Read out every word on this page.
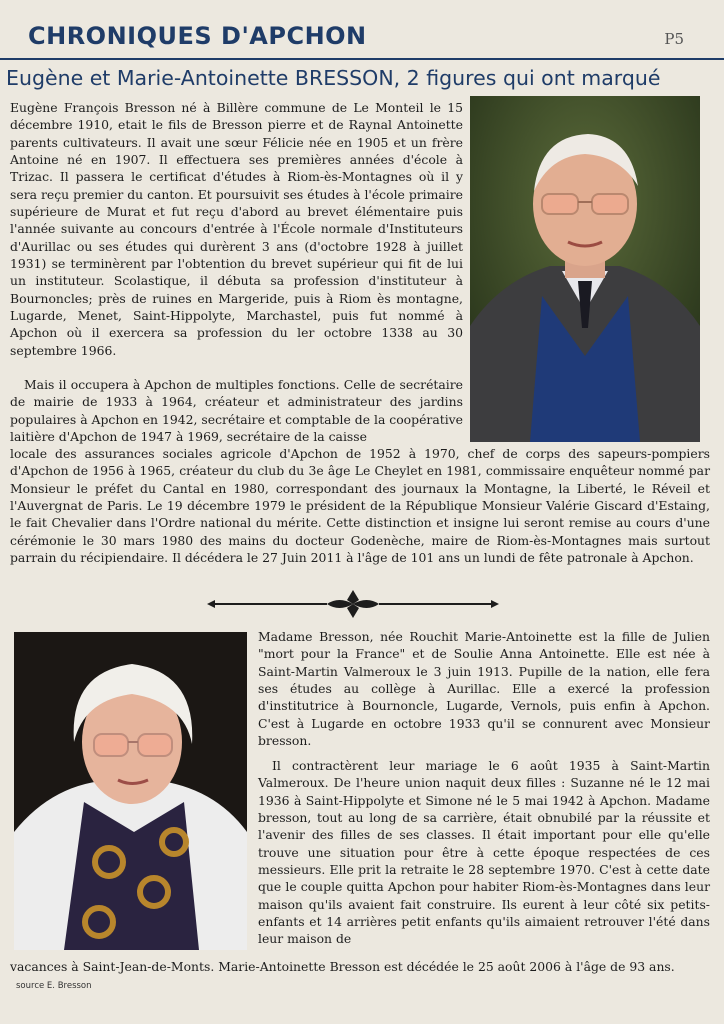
CHRONIQUES D'APCHON	P5
Eugène et Marie-Antoinette BRESSON, 2 figures qui ont marqué
Eugène François Bresson né à Billère commune de Le Monteil le 15 décembre 1910, etait le fils de Bresson pierre et de Raynal Antoinette parents cultivateurs. Il avait une sœur Félicie née en 1905 et un frère Antoine né en 1907. Il effectuera ses premières années d'école à Trizac. Il passera le certificat d'études à Riom-ès-Montagnes où il y sera reçu premier du canton. Et poursuivit ses études à l'école primaire supérieure de Murat et fut reçu d'abord au brevet élémentaire puis l'année suivante au concours d'entrée à l'École normale d'Instituteurs d'Aurillac ou ses études qui durèrent 3 ans (d'octobre 1928 à juillet 1931) se terminèrent par l'obtention du brevet supérieur qui fit de lui un instituteur. Scolastique, il débuta sa profession d'instituteur à Bournoncles; près de ruines en Margeride, puis à Riom ès montagne, Lugarde, Menet, Saint-Hippolyte, Marchastel, puis fut nommé à Apchon où il exercera sa profession du ler octobre 1338 au 30 septembre 1966.
Mais il occupera à Apchon de multiples fonctions. Celle de secrétaire de mairie de 1933 à 1964, créateur et administrateur des jardins populaires à Apchon en 1942, secrétaire et comptable de la coopérative laitière d'Apchon de 1947 à 1969, secrétaire de la caisse
locale des assurances sociales agricole d'Apchon de 1952 à 1970, chef de corps des sapeurs-pompiers d'Apchon de 1956 à 1965, créateur du club du 3e âge Le Cheylet en 1981, commissaire enquêteur nommé par Monsieur le préfet du Cantal en 1980, correspondant des journaux la Montagne, la Liberté, le Réveil et l'Auvergnat de Paris. Le 19 décembre 1979 le président de la République Monsieur Valérie Giscard d'Estaing, le fait Chevalier dans l'Ordre national du mérite. Cette distinction et insigne lui seront remise au cours d'une cérémonie le 30 mars 1980 des mains du docteur Godenèche, maire de Riom-ès-Montagnes mais surtout parrain du récipiendaire. Il décédera le 27 Juin 2011 à l'âge de 101 ans un lundi de fête patronale à Apchon.
Madame Bresson, née Rouchit Marie-Antoinette est la fille de Julien "mort pour la France" et de Soulie Anna Antoinette. Elle est née à Saint-Martin Valmeroux le 3 juin 1913. Pupille de la nation, elle fera ses études au collège à Aurillac. Elle a exercé la profession d'institutrice à Bournoncle, Lugarde, Vernols, puis enfin à Apchon. C'est à Lugarde en octobre 1933 qu'il se connurent avec Monsieur bresson.
Il contractèrent leur mariage le 6 août 1935 à Saint-Martin Valmeroux. De l'heure union naquit deux filles : Suzanne né le 12 mai 1936 à Saint-Hippolyte et Simone né le 5 mai 1942 à Apchon. Madame bresson, tout au long de sa carrière, était obnubilé par la réussite et l'avenir des filles de ses classes. Il était important pour elle qu'elle trouve une situation pour être à cette époque respectées de ces messieurs. Elle prit la retraite le 28 septembre 1970. C'est à cette date que le couple quitta Apchon pour habiter Riom-ès-Montagnes dans leur maison qu'ils avaient fait construire. Ils eurent à leur côté six petits-enfants et 14 arrières petit enfants qu'ils aimaient retrouver l'été dans leur maison de
vacances à Saint-Jean-de-Monts. Marie-Antoinette Bresson est décédée le 25 août 2006 à l'âge de 93 ans.
source E. Bresson
